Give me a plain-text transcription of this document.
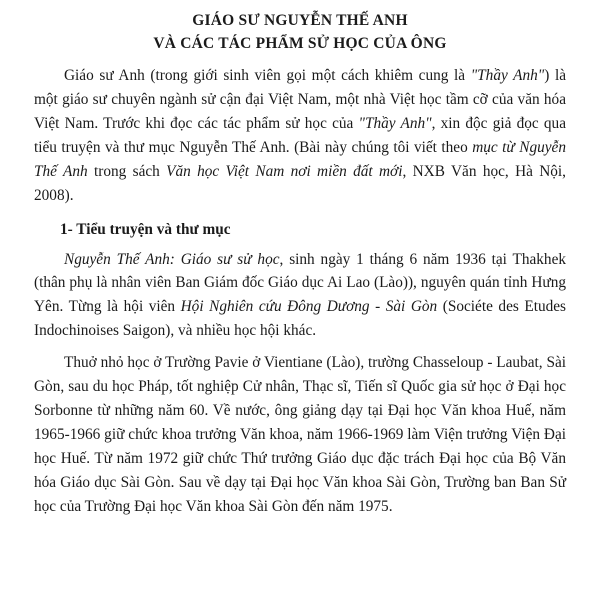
GIÁO SƯ NGUYỄN THẾ ANH
VÀ CÁC TÁC PHẨM SỬ HỌC CỦA ÔNG

Giáo sư Anh (trong giới sinh viên gọi một cách khiêm cung là "Thầy Anh") là một giáo sư chuyên ngành sử cận đại Việt Nam, một nhà Việt học tầm cỡ của văn hóa Việt Nam. Trước khi đọc các tác phẩm sử học của "Thầy Anh", xin độc giả đọc qua tiểu truyện và thư mục Nguyễn Thế Anh. (Bài này chúng tôi viết theo mục từ Nguyễn Thế Anh trong sách Văn học Việt Nam nơi miền đất mới, NXB Văn học, Hà Nội, 2008).

1- Tiểu truyện và thư mục

Nguyễn Thế Anh: Giáo sư sử học, sinh ngày 1 tháng 6 năm 1936 tại Thakhek (thân phụ là nhân viên Ban Giám đốc Giáo dục Ai Lao (Lào)), nguyên quán tỉnh Hưng Yên. Từng là hội viên Hội Nghiên cứu Đông Dương - Sài Gòn (Sociéte des Etudes Indochinoises Saigon), và nhiều học hội khác.

Thuở nhỏ học ở Trường Pavie ở Vientiane (Lào), trường Chasseloup - Laubat, Sài Gòn, sau du học Pháp, tốt nghiệp Cử nhân, Thạc sĩ, Tiến sĩ Quốc gia sử học ở Đại học Sorbonne từ những năm 60. Về nước, ông giảng dạy tại Đại học Văn khoa Huế, năm 1965-1966 giữ chức khoa trưởng Văn khoa, năm 1966-1969 làm Viện trưởng Viện Đại học Huế. Từ năm 1972 giữ chức Thứ trưởng Giáo dục đặc trách Đại học của Bộ Văn hóa Giáo dục Sài Gòn. Sau về dạy tại Đại học Văn khoa Sài Gòn, Trường ban Ban Sử học của Trường Đại học Văn khoa Sài Gòn đến năm 1975.
